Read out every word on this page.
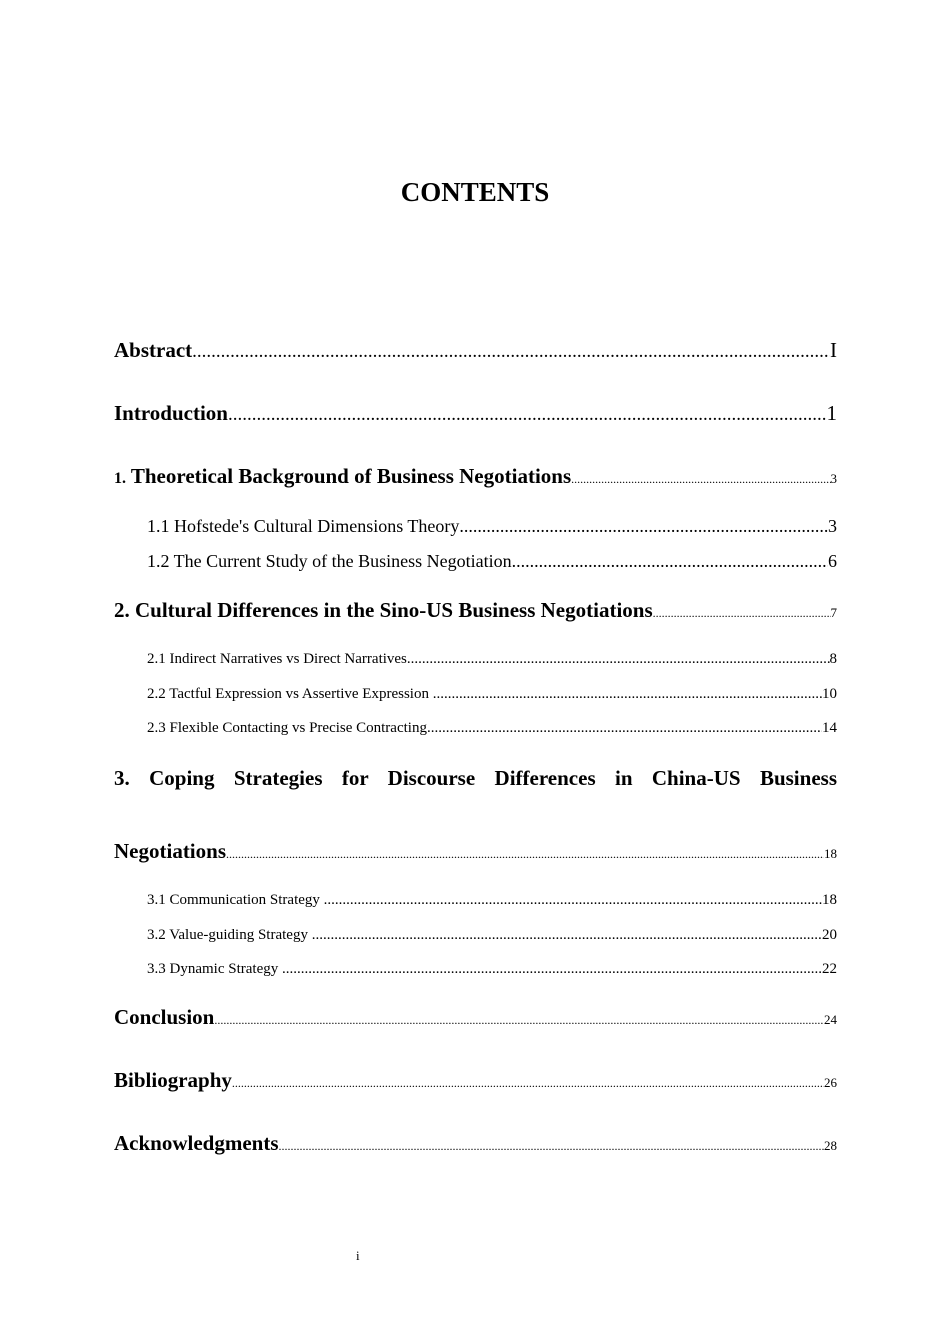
CONTENTS
Abstract .....	I
Introduction .....	1
1. Theoretical Background of Business Negotiations .....	3
1.1 Hofstede's Cultural Dimensions Theory .....	3
1.2 The Current Study of the Business Negotiation .....	6
2. Cultural Differences in the Sino-US Business Negotiations .....	7
2.1 Indirect Narratives vs Direct Narratives .....	8
2.2 Tactful Expression vs Assertive Expression .....	10
2.3 Flexible Contacting vs Precise Contracting .....	14
3. Coping Strategies for Discourse Differences in China-US Business
Negotiations .....	18
3.1 Communication Strategy .....	18
3.2 Value-guiding Strategy .....	20
3.3 Dynamic Strategy .....	22
Conclusion .....	24
Bibliography .....	26
Acknowledgments .....	28
i
